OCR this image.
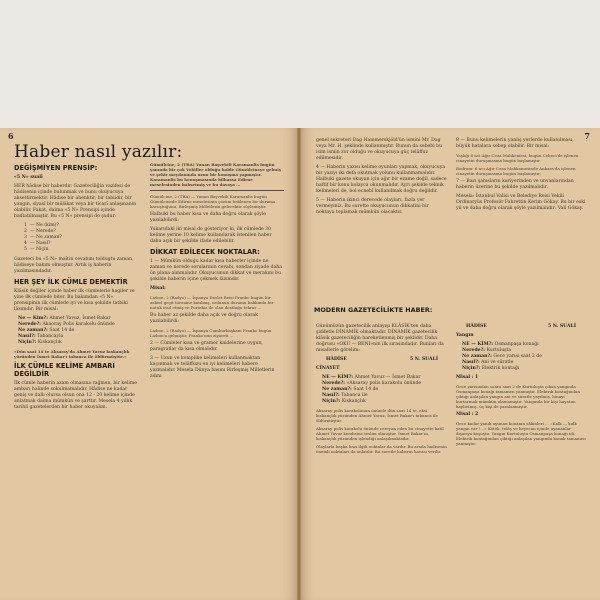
6
Haber nasıl yazılır:
DEĞİŞMİYEN PRENSİP:

«5 N» sualî

HER hâdise bir haberdir. Gazeteciliğin vazifesi de hâdisenin içinde bulunmak ve bunu okuyucuya aksettirmektir. Hâdise bir ahenktir, bir tabiidir, bir yangın, siyasî bir mülâkat veya bir ticarî anlaşmanın olabilir. Fakat, daima «5 N» Prensipi içinde badlatılmaıştır. Bu «5 N» prensipi de şudur:

1 — Ne (kim)?
2 — Nerede?
3 — Ne zaman?
4 — Nasıl?
5 — Niçin

Gazeteci bu «5 N» maîtin cevabını toldugtu zaman, hâdiseye bakım olmuştur. Artık iş haberin yazılmasındadır.

HER ŞEY İLK CÜMLE DEMEKTİR

Klâsik değiler içinde haber ilk cümlelerle hagiler ve yine ilk cümlede biter. Bu bakımdan «5 N» prensipinin ilk cümlede iyi ve kısa şekilde tatbiki lâzımdır. Bir misal:

Ne — Kim?: Ahmet Yavuz, İsmet Bakar
Nerede?: Akaoray Polis karakolu önünde
Ne zaman?: Saat 14 de
Nasıl?: Tabancayla
Niçin?: Kıskançlık

«Dün saat 14 te Aksaray'da Ahmet Yavuz kıskançlık yüzünden İsmet Bakar'ı tabanca ile öldürmüştür.»

İLK CÜMLE KELİME AMBARI DEĞİLDİR

İlk cümle haberin azam olmasına rağmen, bir kelime ambarı halinde sokulmamalıdır. Hâdise ne kadar geniş ve dallı olursa olsun ona 12 - 20 kelime içinde anlatmak daima mümkün ve şarttır. Mesela 4 yıllık tarihli gazetelerden bir haber okuyalım.

Gümülcine, 2 (TBA) Yunan Başvekili Karamanlis bugün yanında bir çok Vekiller olduğu halde Gümülcineye gelmiş ve şehir meydanında uzun bir konuşma yapmıştır. Karamanlis bu konuşmasında bilhassa Edirne meselesinden bahsetmiş ve bu davaya ...

Gümülcine, 2 (TBA) — Yunan Başvekili Karamanlis bugün Gümülcinede Edirne meselesinin çözüm beklenen bir duruma kavuştuğunu, Birleşmiş Milletlerin gelecektir söylemiştir.

Halbuki bu haber kısa ve daha doğru olarak şöyle yazılabilirdi:

Yukarıdaki iki misal de gösteriyor ki, ilk cümlede 30 kelime yerine 10 kelime kullanılarak istenilen haber daha açık bir şekilde ifade edilebilir.

DİKKAT EDİLECEK NOKTALAR:

1 — Mümkün olduğu kadar kısa haberler içinde ne zaman ve nerede sorularının cevabı, sondan ziyade daha ön plana alınmalıdır. Okuyucunun dikkat ve merakını bu şekilde haberin içine çekmek lâzımdır.

Misal:

Lizbon, 2 (Radyo) — İspanya Devlet Reisi Franko bugün bir askerî geçit törenine katılmış, ordunun durumu hakkında bir nutuk irad etmiş ve Portekiz ile olan dostluğu tekrar ...

Bu haber az şekilde daha açık ve doğru olarak yazılabilirdi:

Lizbon, 2 (Radyo) — İspanya Cumhurbaşkanı Franko bugün Lizbon'a gelmiştir. Franko'nun ziyareti ...

2 — Cümleler kısa ve gramer kaidelerine uygun, paragraflar da kısa olmalıdır.

3 — Uzun ve komplike kelimeleri kullanmaktan kaçınmalı ve telâffuzu en iyi kelimeleri habere yazmalıdır. Mesela Dünya basını Birleşmiş Milletlerin adını

7

genel sekreteri Dag Hammerskjöld'ün ismini Mr. Dag veya Mr. H. şeklinde kullanmıştır. Bunun da sebebi bu isim ismin zor olduğu ve okuyucuya güç telâffuz edilmesidir.

4 — Haberin yazısı kelime oyunları yapmak, okuyucuya bir yazıyı iki defa okutmak yolunu kullanmamalıdır. Halbuki gazete okuyan için ağır bir ezame değil, sadece haftif bir konu kolayca okunmalıdır. Ayrı şekilde teknik kelimeleri de, bol ecnebî kullanılmak doğru değildir.

5 — Haberin ikinci derecede olayları, fazla yer vermeyiniz. Bu surette okuyucunun dikkatini bir noktaya toplamak mümkün olacaktır.

8 — Bunu kelimelerin yanlış yerlerde kullanılması, büyük hatalara sebep olabilir. Bir misal:

Yaşlığı 6 nci Ağır Ceza Mahkemesi, bugün Cebeci'de işlenen cinayetin duruşmasına bugün başlamıştır.

Bodrum: 6 ncı Ağır Ceza Mahkemesinde Ankara'da işlenen cinayetin duruşmasına bugün başlamıştır.

7 — Bazı şahısların kariyerinden ve unvanlarından haberin üzerine bu şekilde yazılmalıdır.

Mesela: İstanbul Valisi ve Belediye Reisi Vekili Ordinaryüs Profesör Fahrettin Kerim Gökay. Bu bir eski yıl ve daha doğru olarak şöyle yazılmalıdır: Vali Gökay.

MODERN GAZETECİLİKTE HABER:

Günümüzün gazetecilik anlayışı KLÂSİK'ten daha şiddetle DİNAMİK olmaktadır. DİNAMİK gazetecilik klâsik gazeteciliğin hareketlenmiş bir şeklidir. Daha doğrusu «OKU — BENI»nin ilk sırasındadır. Bunları da misallerle görelim:

HÂDİSE	5 N. SUALİ

CİNAYET

NE — KİM?: Ahmet Yavuz — İsmet Bakar
Nerede?: «Aksaray polis karakolu önünde
Ne zaman?: Saat 14 de
Nasıl?: Tabanca ile
Niçin?: Kıskançlık

Aksaray polis karakolunun önünde dün saat 14 te, eksi kıskançlık yüzünden Ahmet Yavuz, İsmet Bakar'ı tabanca ile öldürmüştür.

Aksaray polis karakolu önünde cereyan eden bu cinayette katil Ahmet Yavuz kendisine teslim olmuştur. İsmet Bakar'ın, kıskançlık yüzünden işlendiği anlaşılmaktadır.

Olaylarla başka bazı ilgili noktalar da vardır. Bu arada hadisenin önemli noktaları da anlatılır. Bu suretle haberin havası verilir.

HÂDİSE	5 N. SUALİ

Yangın

NE — KİM?: Osmanpaşa konağı
Nerede?: Kurtuluşta
Ne zaman?: Gece yarısı saat 2 de
Nasıl?: Ani ve süratle
Niçin?: Elektrik kontağı

Misal : 1

Gece yarısından sonra saat 2 de Kurtuluşta çıkan yangında Osmanpaşa konağı tamamen yanmıştır. Elektrik kontağından çıktığı anlaşılan yangın ani ve süratle yayılmış, binayı kurtarmak mümkün olamamıştır. Yangında bir kişi hayatını kaybetmiş, üç kişi de yaralanmıştır.

Misal : 2

Gece kadar yanık uyunan konanın sâkinleri ... «Kalk — kalk yangın var !...» Kötek, telâş ve heyecan içinde uyananlar dışarıya koşuştu. Yangın Kurtuluşta Osmanpaşa konağı idi. Elektrik kontağından çıktığı anlaşılan yangında konak tamamen yanmıştır.
